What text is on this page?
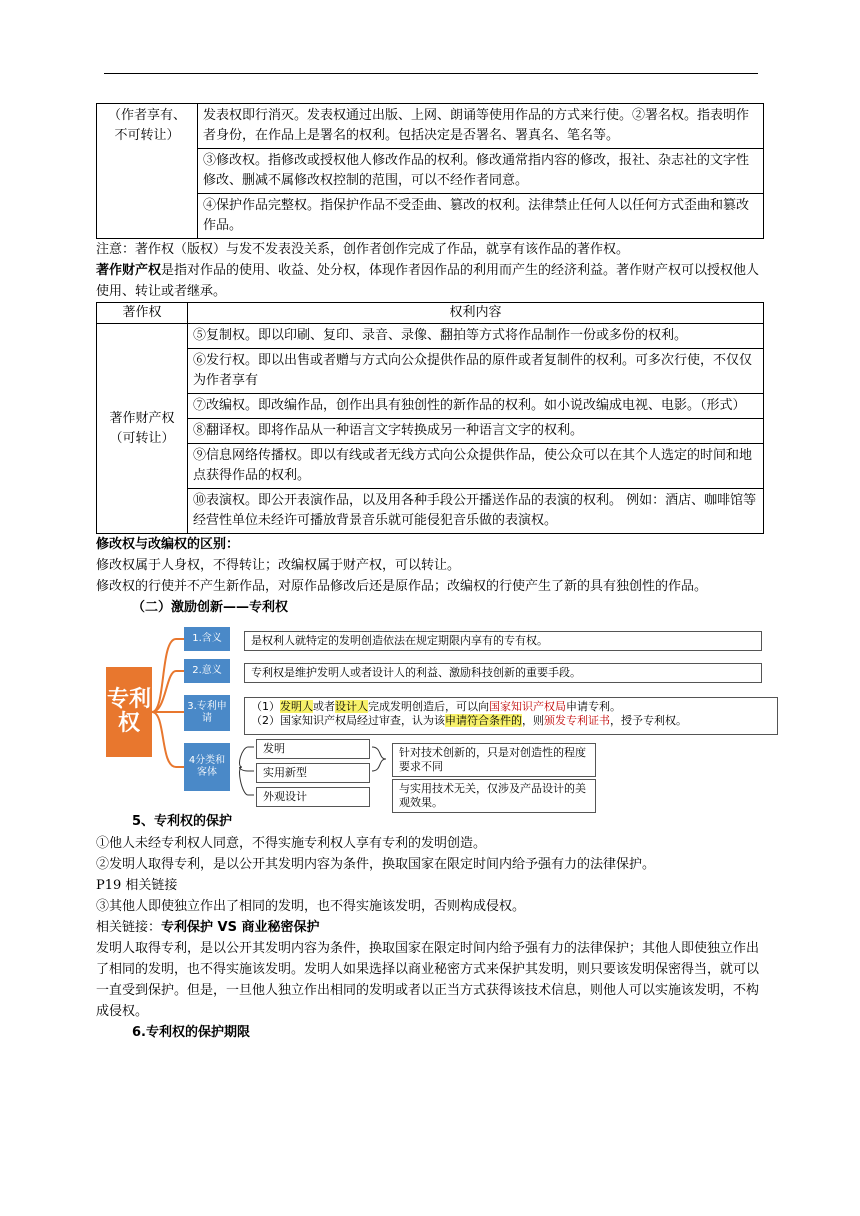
（作者享有、不可转让）	发表权即行消灭。发表权通过出版、上网、朗诵等使用作品的方式来行使。②署名权。指表明作者身份，在作品上是署名的权利。包括决定是否署名、署真名、笔名等。
③修改权。指修改或授权他人修改作品的权利。修改通常指内容的修改，报社、杂志社的文字性修改、删减不属修改权控制的范围，可以不经作者同意。
④保护作品完整权。指保护作品不受歪曲、篡改的权利。法律禁止任何人以任何方式歪曲和篡改作品。

注意：著作权（版权）与发不发表没关系，创作者创作完成了作品，就享有该作品的著作权。

著作财产权是指对作品的使用、收益、处分权，体现作者因作品的利用而产生的经济利益。著作财产权可以授权他人使用、转让或者继承。

著作权	权利内容

著作财产权
（可转让）	⑤复制权。即以印刷、复印、录音、录像、翻拍等方式将作品制作一份或多份的权利。
	⑥发行权。即以出售或者赠与方式向公众提供作品的原件或者复制件的权利。可多次行使，不仅仅为作者享有
	⑦改编权。即改编作品，创作出具有独创性的新作品的权利。如小说改编成电视、电影。（形式）
	⑧翻译权。即将作品从一种语言文字转换成另一种语言文字的权利。
	⑨信息网络传播权。即以有线或者无线方式向公众提供作品，使公众可以在其个人选定的时间和地点获得作品的权利。
	⑩表演权。即公开表演作品，以及用各种手段公开播送作品的表演的权利。 例如：酒店、咖啡馆等经营性单位未经许可播放背景音乐就可能侵犯音乐做的表演权。

修改权与改编权的区别：

修改权属于人身权，不得转让；改编权属于财产权，可以转让。

修改权的行使并不产生新作品，对原作品修改后还是原作品；改编权的行使产生了新的具有独创性的作品。

（二）激励创新——专利权

专利权
1.含义
2.意义
3.专利申请
4分类和客体
是权利人就特定的发明创造依法在规定期限内享有的专有权。
专利权是维护发明人或者设计人的利益、激励科技创新的重要手段。
（1）发明人或者设计人完成发明创造后，可以向国家知识产权局申请专利。
（2）国家知识产权局经过审查，认为该申请符合条件的，则颁发专利证书，授予专利权。
发明
实用新型
外观设计
针对技术创新的，只是对创造性的程度要求不同
与实用技术无关，仅涉及产品设计的美观效果。

5、专利权的保护

①他人未经专利权人同意，不得实施专利权人享有专利的发明创造。

②发明人取得专利，是以公开其发明内容为条件，换取国家在限定时间内给予强有力的法律保护。

P19 相关链接

③其他人即使独立作出了相同的发明，也不得实施该发明，否则构成侵权。

相关链接：专利保护 VS 商业秘密保护

发明人取得专利，是以公开其发明内容为条件，换取国家在限定时间内给予强有力的法律保护；其他人即使独立作出了相同的发明，也不得实施该发明。发明人如果选择以商业秘密方式来保护其发明，则只要该发明保密得当，就可以一直受到保护。但是，一旦他人独立作出相同的发明或者以正当方式获得该技术信息，则他人可以实施该发明，不构成侵权。

6.专利权的保护期限
